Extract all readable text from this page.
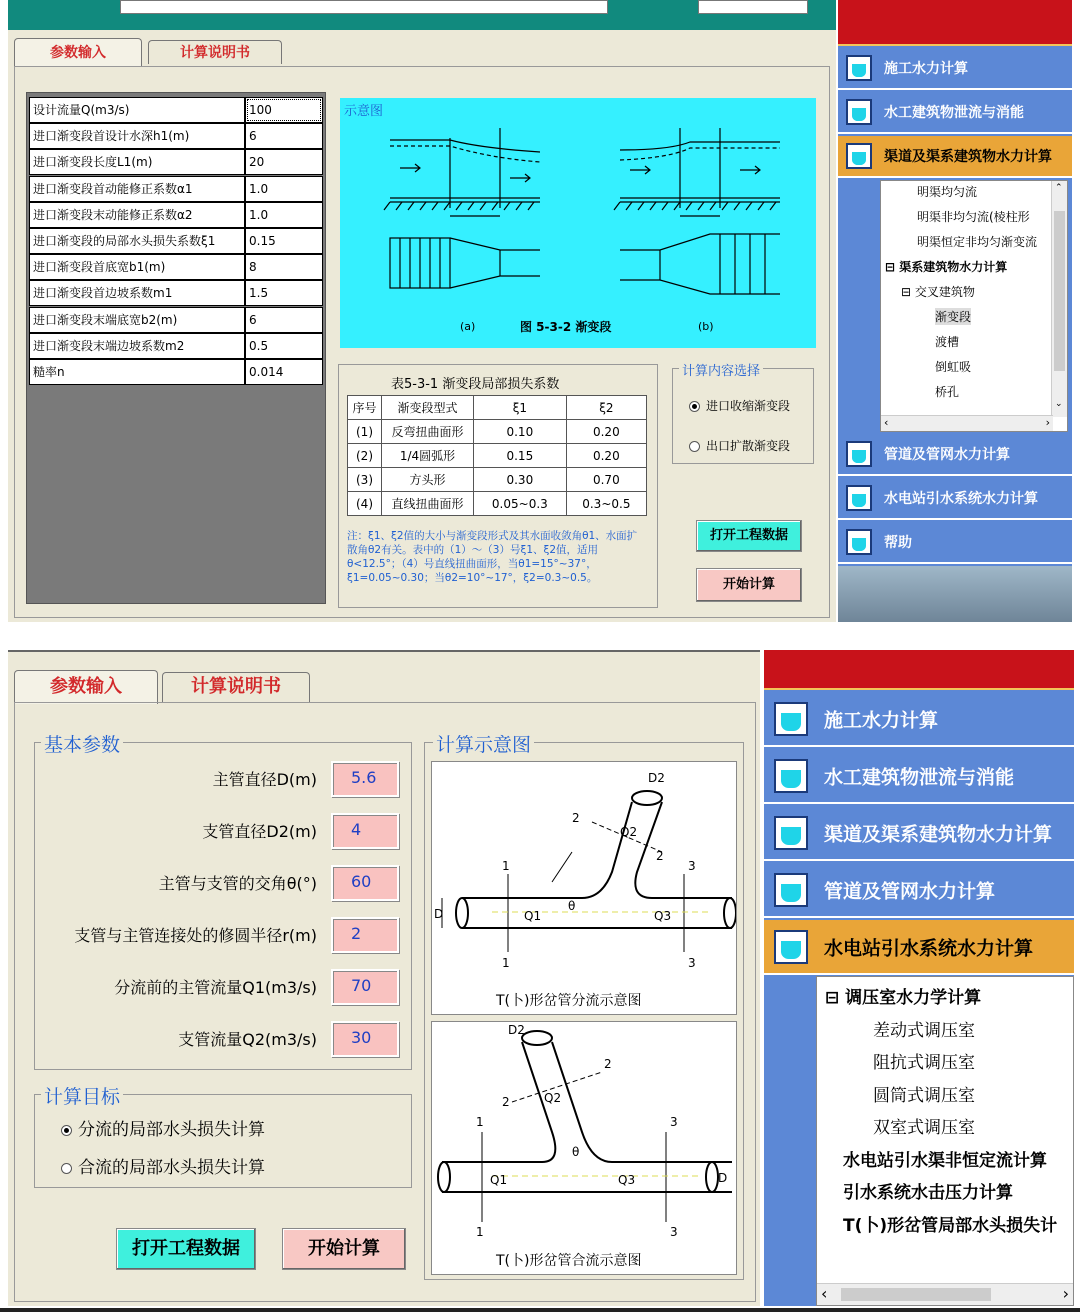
参数输入	计算说明书
设计流量Q(m3/s)	100
进口渐变段首设计水深h1(m)	6
进口渐变段长度L1(m)	20
进口渐变段首动能修正系数α1	1.0
进口渐变段末动能修正系数α2	1.0
进口渐变段的局部水头损失系数ξ1	0.15
进口渐变段首底宽b1(m)	8
进口渐变段首边坡系数m1	1.5
进口渐变段末端底宽b2(m)	6
进口渐变段末端边坡系数m2	0.5
糙率n	0.014
示意图
(a)	图 5-3-2 渐变段	(b)
表5-3-1 渐变段局部损失系数
序号	渐变段型式	ξ1	ξ2
(1)	反弯扭曲面形	0.10	0.20
(2)	1/4圆弧形	0.15	0.20
(3)	方头形	0.30	0.70
(4)	直线扭曲面形	0.05~0.3	0.3~0.5
注：ξ1、ξ2值的大小与渐变段形式及其水面收敛角θ1、水面扩散角θ2有关。表中的（1）～（3）号ξ1、ξ2值，适用θ<12.5°；（4）号直线扭曲面形，当θ1=15°~37°，ξ1=0.05~0.30；当θ2=10°~17°，ξ2=0.3~0.5。
计算内容选择
进口收缩渐变段
出口扩散渐变段
打开工程数据
开始计算
施工水力计算
水工建筑物泄流与消能
渠道及渠系建筑物水力计算
明渠均匀流
明渠非均匀流(棱柱形
明渠恒定非均匀渐变流
⊟ 渠系建筑物水力计算
⊟ 交叉建筑物
渐变段
渡槽
倒虹吸
桥孔
⌃
⌄
‹	›
管道及管网水力计算
水电站引水系统水力计算
帮助
参数输入	计算说明书
基本参数
主管直径D(m)	5.6
支管直径D2(m)	4
主管与支管的交角θ(°)	60
支管与主管连接处的修圆半径r(m)	2
分流前的主管流量Q1(m3/s)	70
支管流量Q2(m3/s)	30
计算目标
分流的局部水头损失计算
合流的局部水头损失计算
打开工程数据	开始计算
计算示意图
1
1
3
3
2
2
Q1	Q3
Q2
D2
D
θ
T(卜)形岔管分流示意图
1
1
3
3
2
2
Q1	Q3
Q2
D2
D
θ
T(卜)形岔管合流示意图
施工水力计算
水工建筑物泄流与消能
渠道及渠系建筑物水力计算
管道及管网水力计算
水电站引水系统水力计算
⊟ 调压室水力学计算
差动式调压室
阻抗式调压室
圆筒式调压室
双室式调压室
水电站引水渠非恒定流计算
引水系统水击压力计算
T(卜)形岔管局部水头损失计
‹	›
